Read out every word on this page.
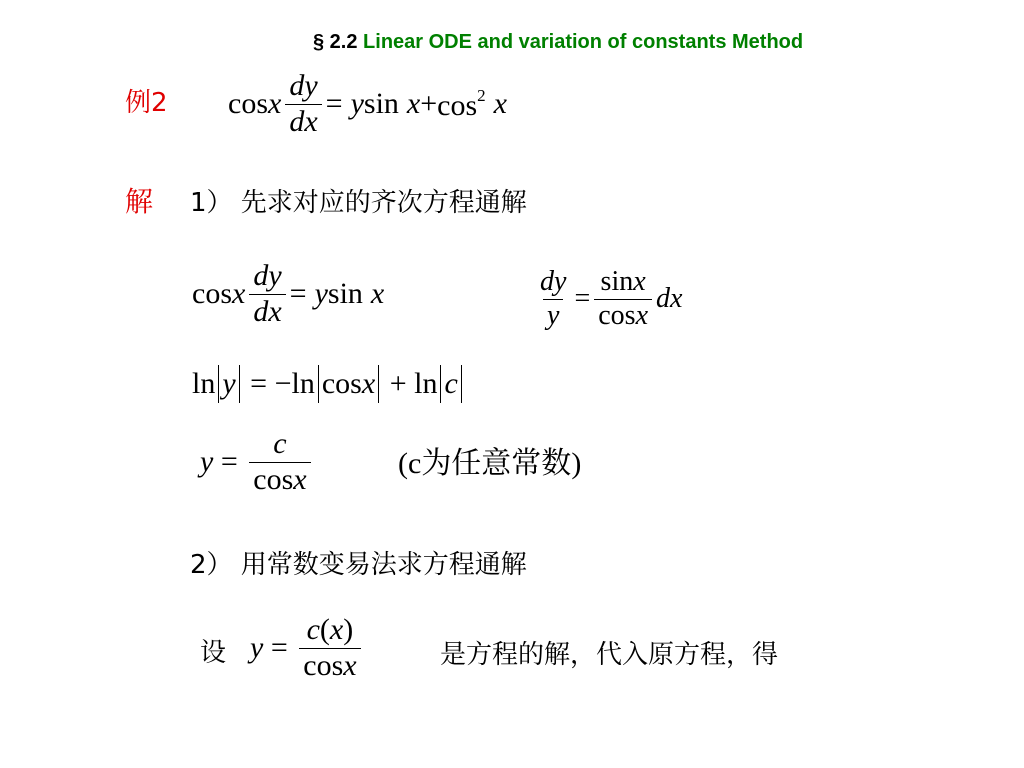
§ 2.2 Linear ODE and variation of constants Method
例2 cos x $\frac{dy}{dx} = y$ $\sin x + \cos^2 x$
解 1） 先求对应的齐次方程通解
cos x $\frac{dy}{dx} = y$ sin x	$\frac{dy}{y} = \frac{\sin x}{\cos x}$ dx
ln y = −ln cos x + ln c
$y = \frac{c}{\cos x}$	(c为任意常数)
2） 用常数变易法求方程通解
设 $y = \frac{c(x)}{\cos x}$	是方程的解，代入原方程，得
